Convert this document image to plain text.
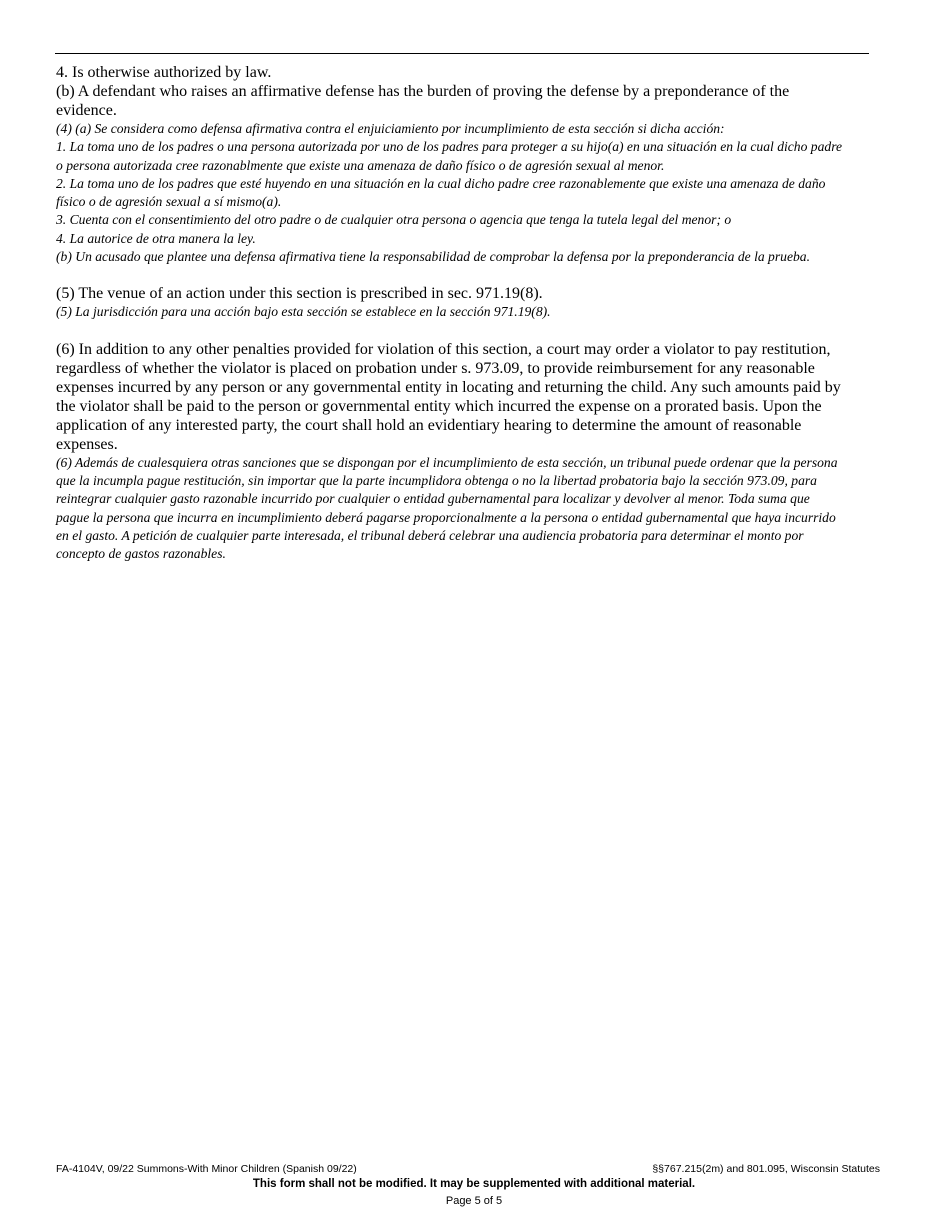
4. Is otherwise authorized by law.

(b) A defendant who raises an affirmative defense has the burden of proving the defense by a preponderance of the evidence.

(4) (a) Se considera como defensa afirmativa contra el enjuiciamiento por incumplimiento de esta sección si dicha acción:

1. La toma uno de los padres o una persona autorizada por uno de los padres para proteger a su hijo(a) en una situación en la cual dicho padre o persona autorizada cree razonablmente que existe una amenaza de daño físico o de agresión sexual al menor.

2. La toma uno de los padres que esté huyendo en una situación en la cual dicho padre cree razonablemente que existe una amenaza de daño físico o de agresión sexual a sí mismo(a).

3. Cuenta con el consentimiento del otro padre o de cualquier otra persona o agencia que tenga la tutela legal del menor; o

4. La autorice de otra manera la ley.

(b) Un acusado que plantee una defensa afirmativa tiene la responsabilidad de comprobar la defensa por la preponderancia de la prueba.

(5) The venue of an action under this section is prescribed in sec. 971.19(8).

(5) La jurisdicción para una acción bajo esta sección se establece en la sección 971.19(8).

(6) In addition to any other penalties provided for violation of this section, a court may order a violator to pay restitution, regardless of whether the violator is placed on probation under s. 973.09, to provide reimbursement for any reasonable expenses incurred by any person or any governmental entity in locating and returning the child. Any such amounts paid by the violator shall be paid to the person or governmental entity which incurred the expense on a prorated basis. Upon the application of any interested party, the court shall hold an evidentiary hearing to determine the amount of reasonable expenses.

(6) Además de cualesquiera otras sanciones que se dispongan por el incumplimiento de esta sección, un tribunal puede ordenar que la persona que la incumpla pague restitución, sin importar que la parte incumplidora obtenga o no la libertad probatoria bajo la sección 973.09, para reintegrar cualquier gasto razonable incurrido por cualquier o entidad gubernamental para localizar y devolver al menor. Toda suma que pague la persona que incurra en incumplimiento deberá pagarse proporcionalmente a la persona o entidad gubernamental que haya incurrido en el gasto. A petición de cualquier parte interesada, el tribunal deberá celebrar una audiencia probatoria para determinar el monto por concepto de gastos razonables.

FA-4104V, 09/22 Summons-With Minor Children (Spanish 09/22)	§§767.215(2m) and 801.095, Wisconsin Statutes
This form shall not be modified. It may be supplemented with additional material.
Page 5 of 5
